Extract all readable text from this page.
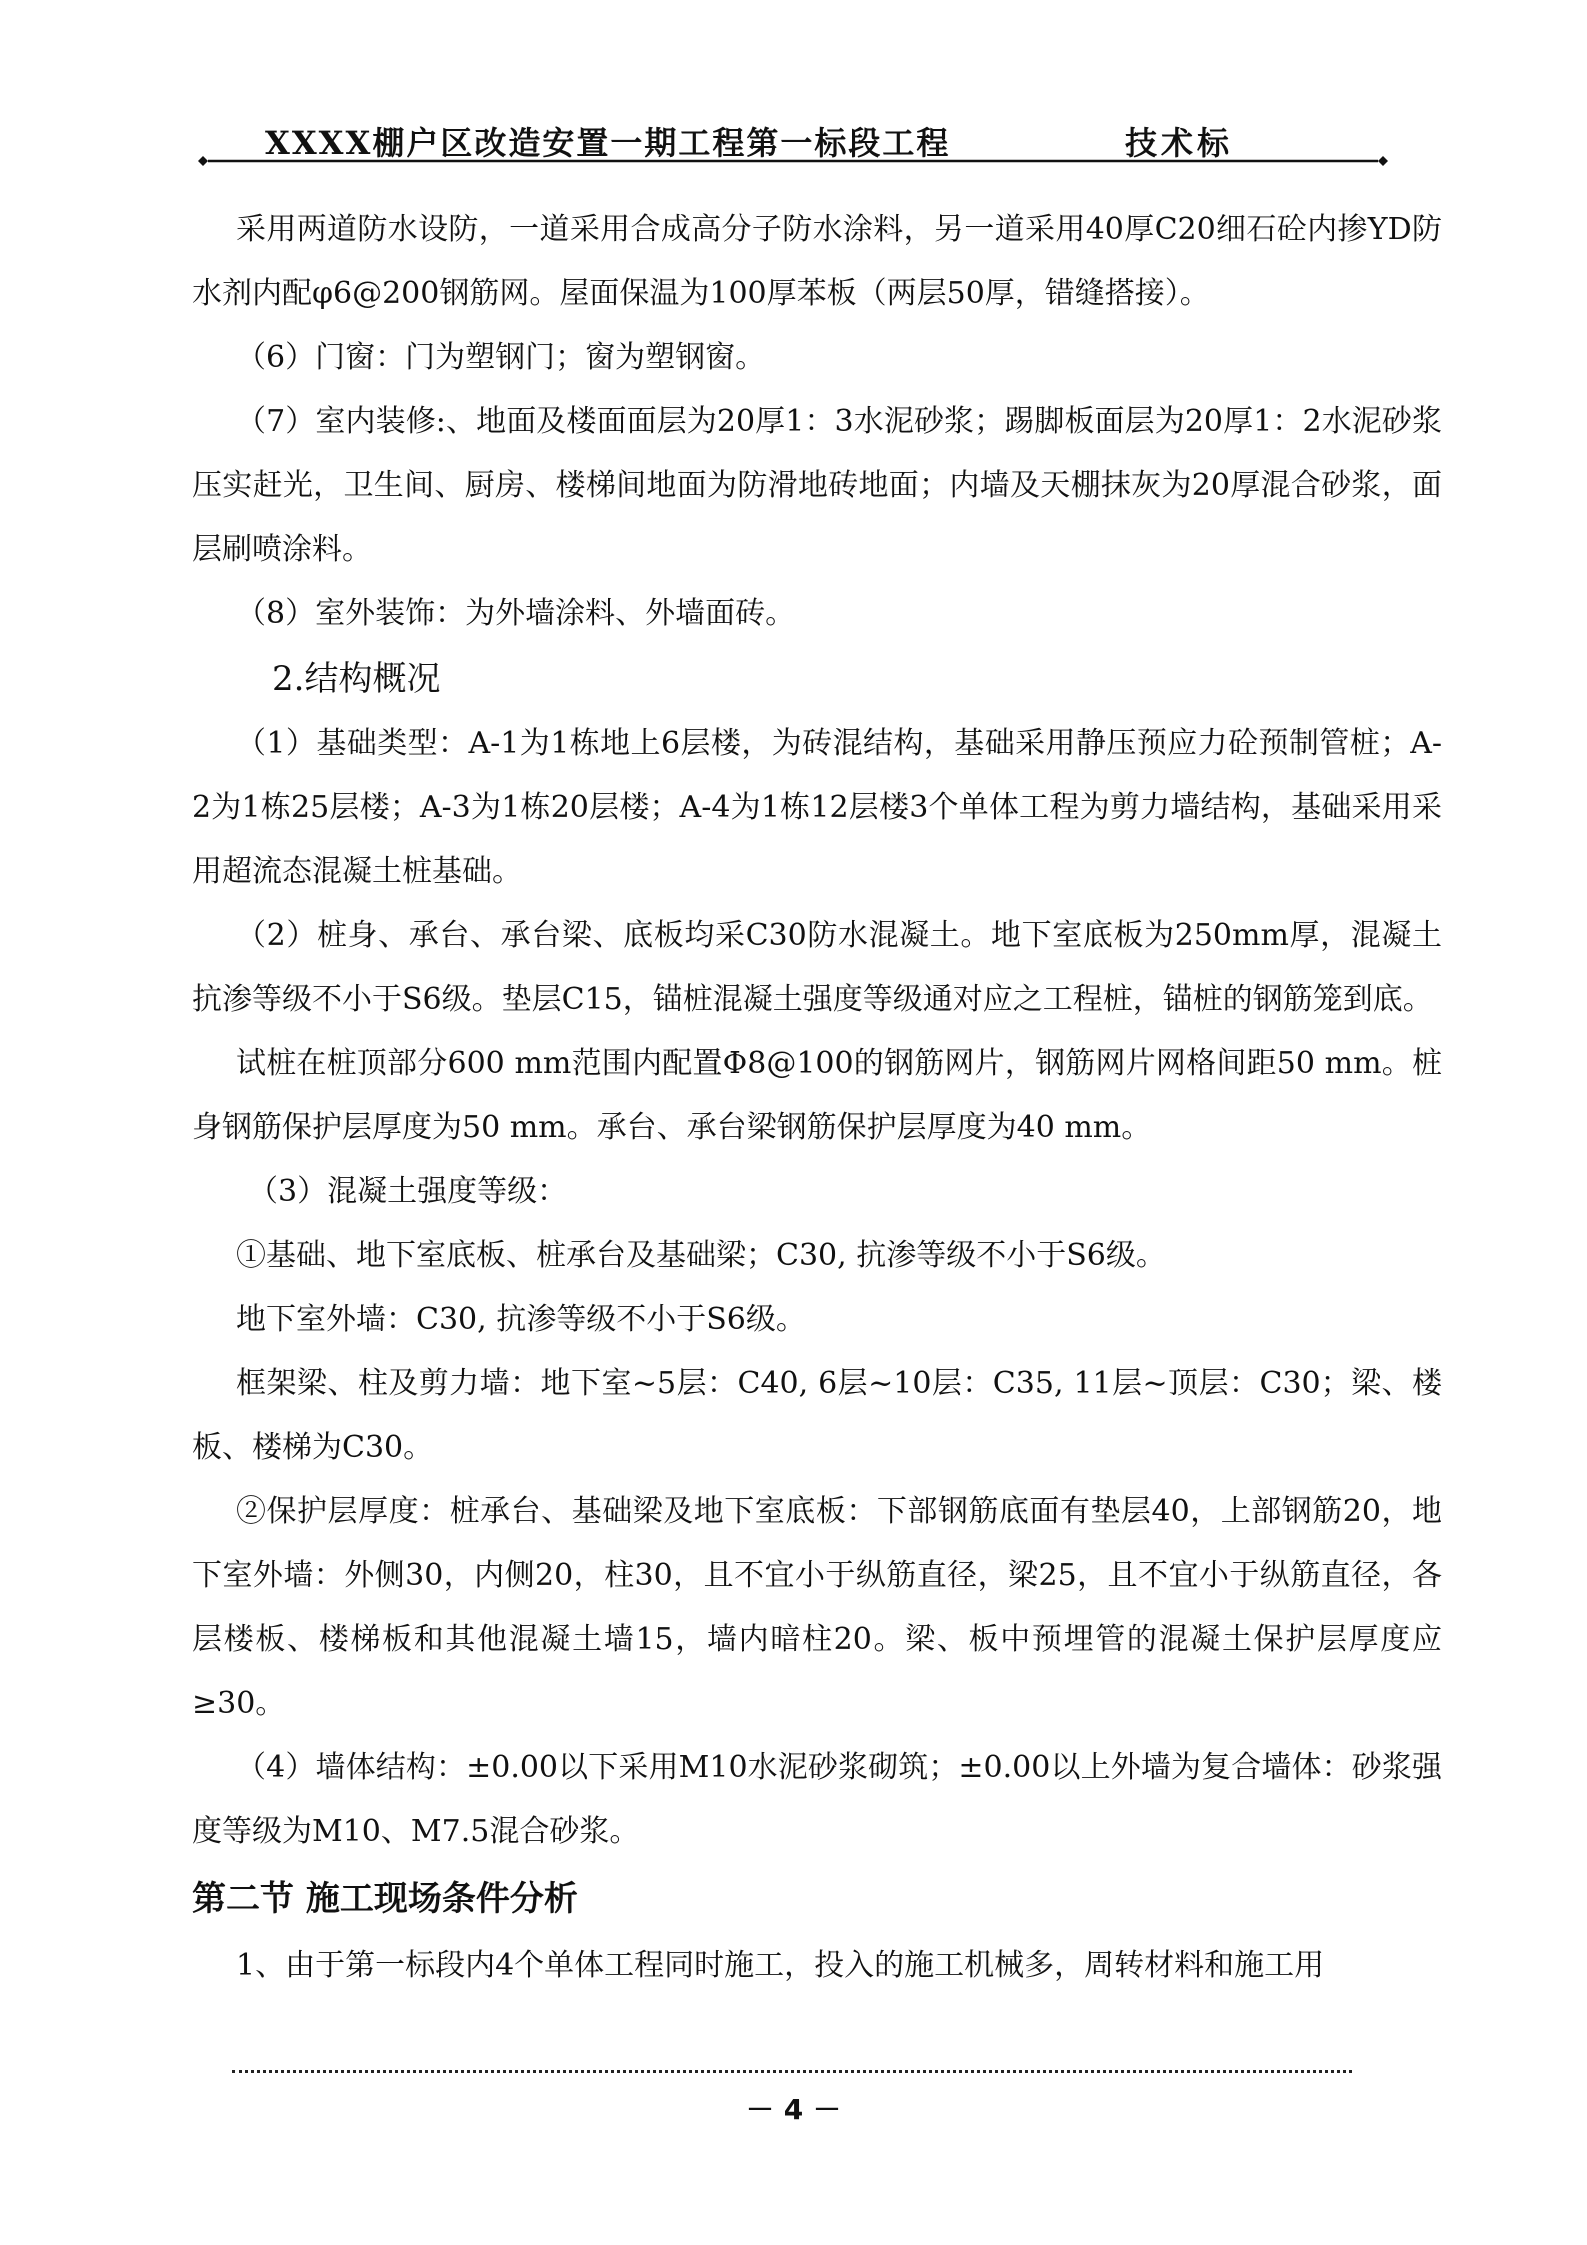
XXXX棚户区改造安置一期工程第一标段工程	技术标

采用两道防水设防，一道采用合成高分子防水涂料，另一道采用40厚C20细石砼内掺YD防水剂内配φ6@200钢筋网。屋面保温为100厚苯板（两层50厚，错缝搭接）。

（6）门窗：门为塑钢门；窗为塑钢窗。

（7）室内装修:、地面及楼面面层为20厚1：3水泥砂浆；踢脚板面层为20厚1：2水泥砂浆压实赶光，卫生间、厨房、楼梯间地面为防滑地砖地面；内墙及天棚抹灰为20厚混合砂浆，面层刷喷涂料。

（8）室外装饰：为外墙涂料、外墙面砖。

2.结构概况

（1）基础类型：A-1为1栋地上6层楼，为砖混结构，基础采用静压预应力砼预制管桩；A-2为1栋25层楼；A-3为1栋20层楼；A-4为1栋12层楼3个单体工程为剪力墙结构，基础采用采用超流态混凝土桩基础。

（2）桩身、承台、承台梁、底板均采C30防水混凝土。地下室底板为250mm厚，混凝土抗渗等级不小于S6级。垫层C15，锚桩混凝土强度等级通对应之工程桩，锚桩的钢筋笼到底。

试桩在桩顶部分600 mm范围内配置Φ8@100的钢筋网片，钢筋网片网格间距50 mm。桩身钢筋保护层厚度为50 mm。承台、承台梁钢筋保护层厚度为40 mm。

（3）混凝土强度等级：

①基础、地下室底板、桩承台及基础梁；C30, 抗渗等级不小于S6级。

地下室外墙：C30, 抗渗等级不小于S6级。

框架梁、柱及剪力墙：地下室~5层：C40, 6层~10层：C35, 11层~顶层：C30；梁、楼板、楼梯为C30。

②保护层厚度：桩承台、基础梁及地下室底板：下部钢筋底面有垫层40，上部钢筋20，地下室外墙：外侧30，内侧20，柱30，且不宜小于纵筋直径，梁25，且不宜小于纵筋直径，各层楼板、楼梯板和其他混凝土墙15，墙内暗柱20。梁、板中预埋管的混凝土保护层厚度应≥30。

（4）墙体结构：±0.00以下采用M10水泥砂浆砌筑；±0.00以上外墙为复合墙体：砂浆强度等级为M10、M7.5混合砂浆。

第二节 施工现场条件分析

1、由于第一标段内4个单体工程同时施工，投入的施工机械多，周转材料和施工用

－ 4 －
